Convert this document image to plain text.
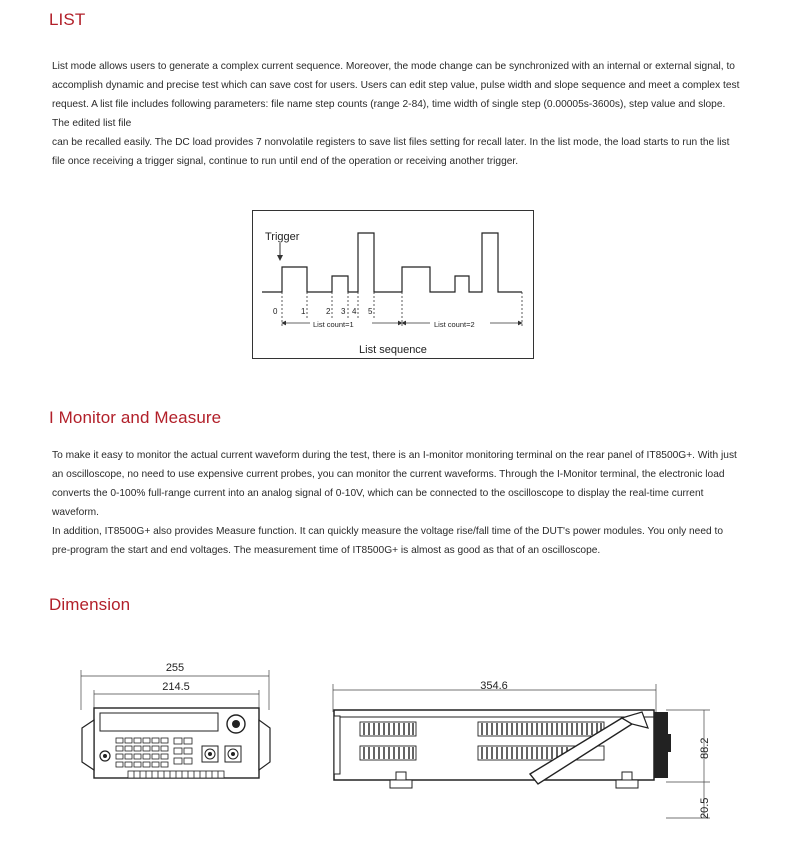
LIST

List mode allows users to generate a complex current sequence. Moreover, the mode change can be synchronized with an internal or external signal, to accomplish dynamic and precise test which can save cost for users. Users can edit step value, pulse width and slope sequence and meet a complex test request. A list file includes following parameters: file name step counts (range 2-84), time width of single step (0.00005s-3600s), step value and slope. The edited list file

can be recalled easily. The DC load provides 7 nonvolatile registers to save list files setting for recall later. In the list mode, the load starts to run the list file once receiving a trigger signal, continue to run until end of the operation or receiving another trigger.

Trigger
0	1	2 3 4 5
List count=1	List count=2
List sequence
I Monitor and Measure

To make it easy to monitor the actual current waveform during the test, there is an I-monitor monitoring terminal on the rear panel of IT8500G+. With just an oscilloscope, no need to use expensive current probes, you can monitor the current waveforms. Through the I-Monitor terminal, the electronic load converts the 0-100% full-range current into an analog signal of 0-10V, which can be connected to the oscilloscope to display the real-time current waveform.

In addition, IT8500G+ also provides Measure function. It can quickly measure the voltage rise/fall time of the DUT's power modules. You only need to pre-program the start and end voltages. The measurement time of IT8500G+ is almost as good as that of an oscilloscope.

Dimension
255
214.5	354.6
88.2
20.5
